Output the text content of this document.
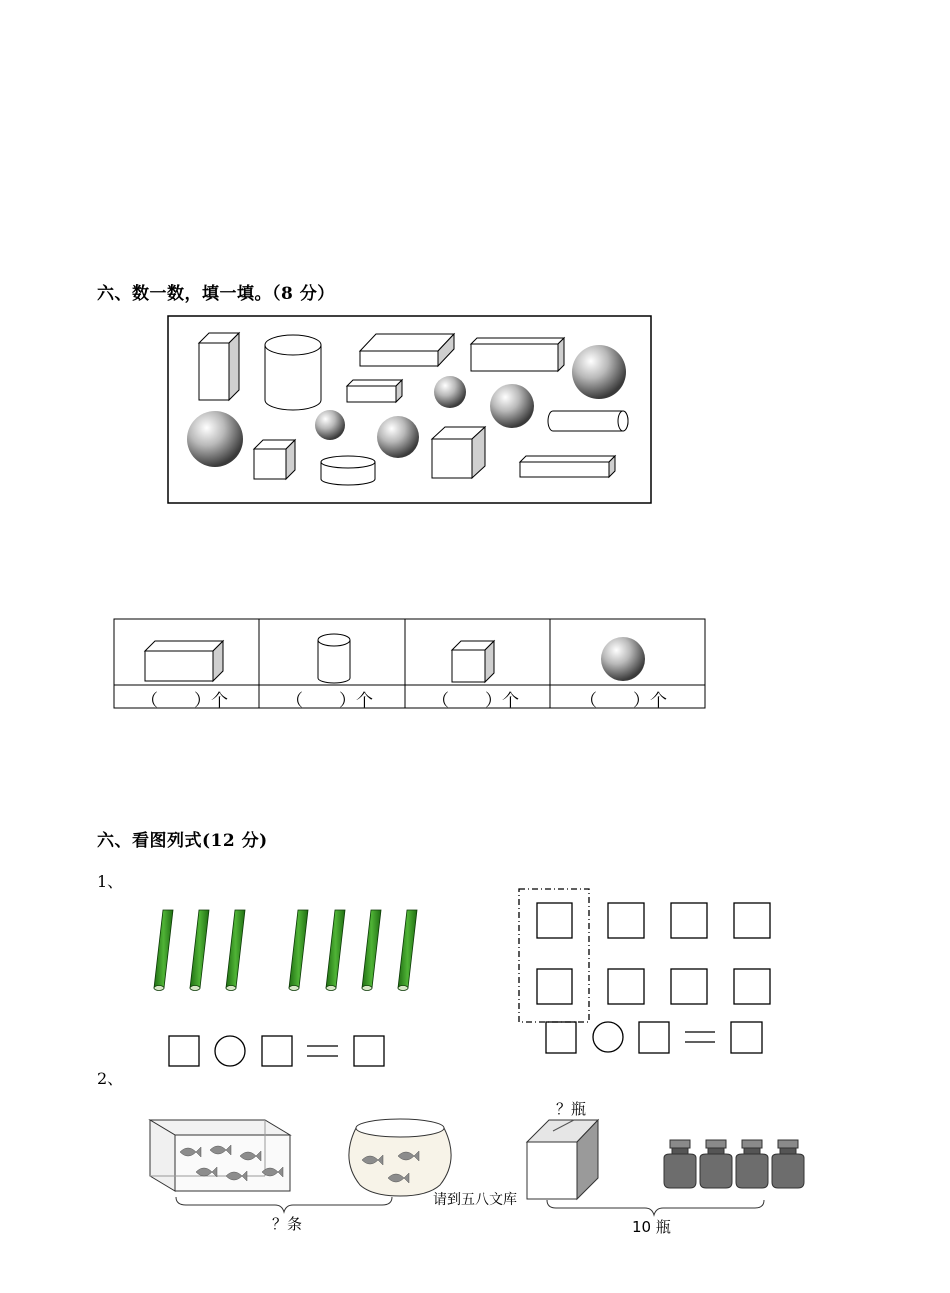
六、数一数，填一填。（8 分）
（ ）个	（ ）个	（ ）个	（ ）个
六、看图列式(12 分)
1、
2、
？条
？瓶
10 瓶
请到五八文库
